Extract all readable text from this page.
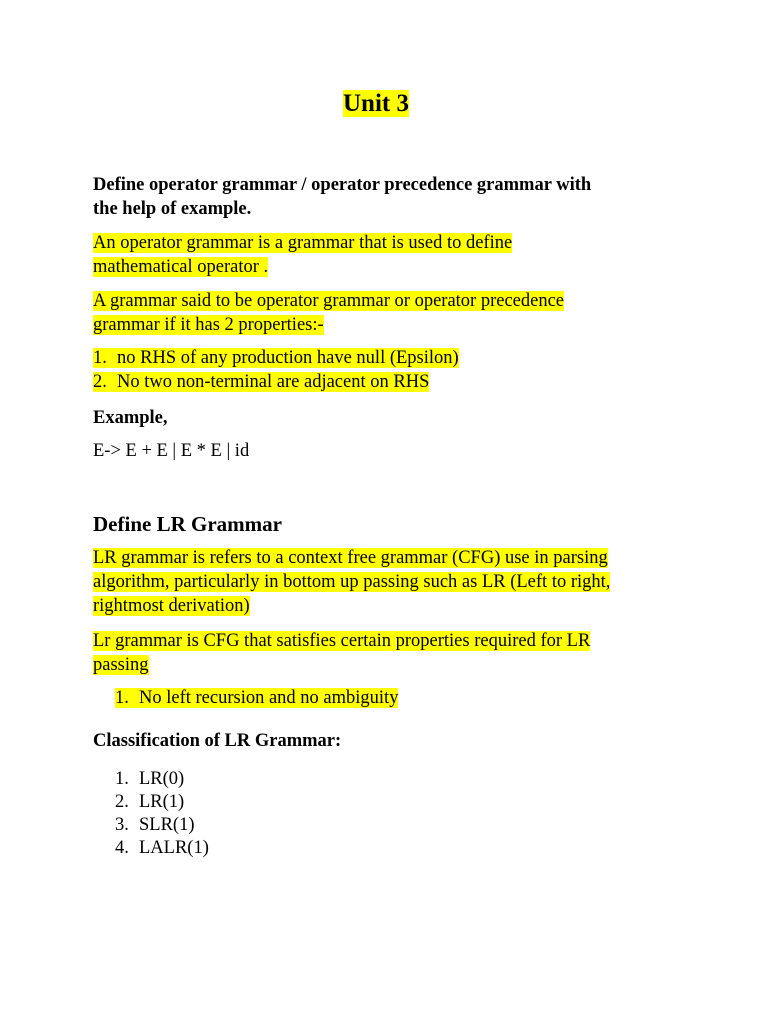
Unit 3
Define operator grammar / operator precedence grammar with
the help of example.
An operator grammar is a grammar that is used to define
mathematical operator .
A grammar said to be operator grammar or operator precedence
grammar if it has 2 properties:-
1. no RHS of any production have null (Epsilon)
2. No two non-terminal are adjacent on RHS
Example,
E-> E + E | E * E | id
Define LR Grammar
LR grammar is refers to a context free grammar (CFG) use in parsing
algorithm, particularly in bottom up passing such as LR (Left to right,
rightmost derivation)
Lr grammar is CFG that satisfies certain properties required for LR
passing
1. No left recursion and no ambiguity
Classification of LR Grammar:
1. LR(0)
2. LR(1)
3. SLR(1)
4. LALR(1)
